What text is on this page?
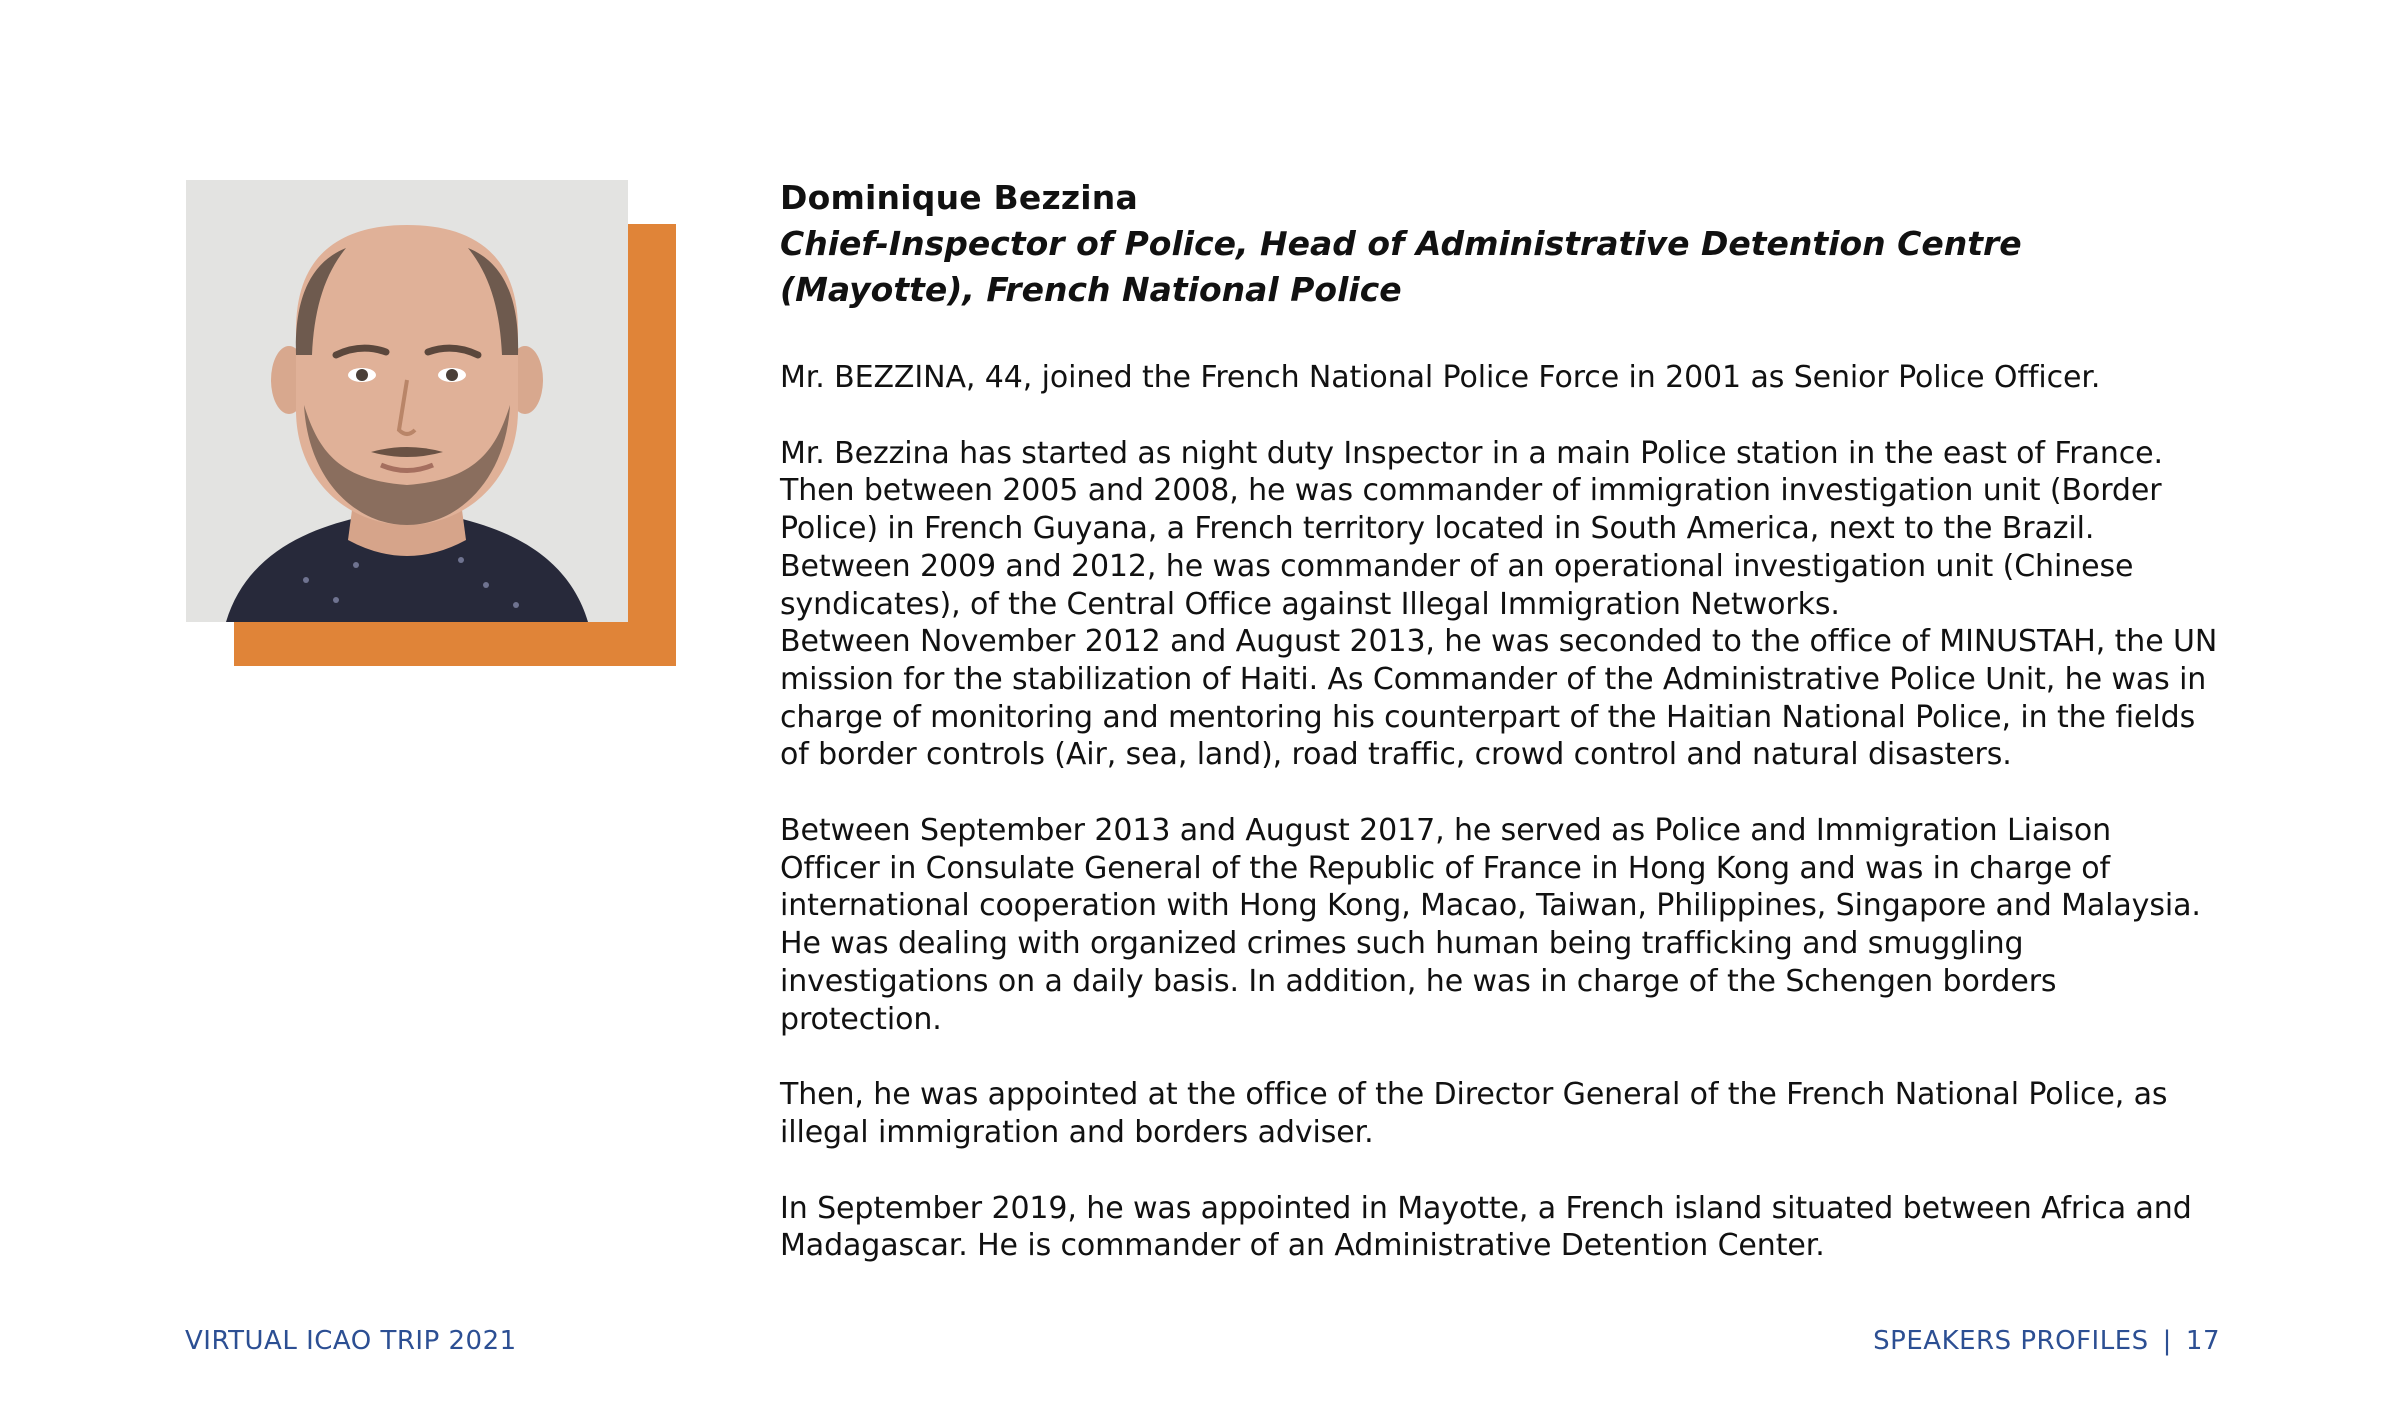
Dominique Bezzina
Chief-Inspector of Police, Head of Administrative Detention Centre (Mayotte), French National Police

Mr. BEZZINA, 44, joined the French National Police Force in 2001 as Senior Police Officer.

Mr. Bezzina has started as night duty Inspector in a main Police station in the east of France. Then between 2005 and 2008, he was commander of immigration investigation unit (Border Police) in French Guyana, a French territory located in South America, next to the Brazil. Between 2009 and 2012, he was commander of an operational investigation unit (Chinese syndicates), of the Central Office against Illegal Immigration Networks.

Between November 2012 and August 2013, he was seconded to the office of MINUSTAH, the UN mission for the stabilization of Haiti. As Commander of the Administrative Police Unit, he was in charge of monitoring and mentoring his counterpart of the Haitian National Police, in the fields of border controls (Air, sea, land), road traffic, crowd control and natural disasters.

Between September 2013 and August 2017, he served as Police and Immigration Liaison Officer in Consulate General of the Republic of France in Hong Kong and was in charge of international cooperation with Hong Kong, Macao, Taiwan, Philippines, Singapore and Malaysia. He was dealing with organized crimes such human being trafficking and smuggling investigations on a daily basis. In addition, he was in charge of the Schengen borders protection.

Then, he was appointed at the office of the Director General of the French National Police, as illegal immigration and borders adviser.

In September 2019, he was appointed in Mayotte, a French island situated between Africa and Madagascar. He is commander of an Administrative Detention Center.

VIRTUAL ICAO TRIP 2021	SPEAKERS PROFILES | 17
